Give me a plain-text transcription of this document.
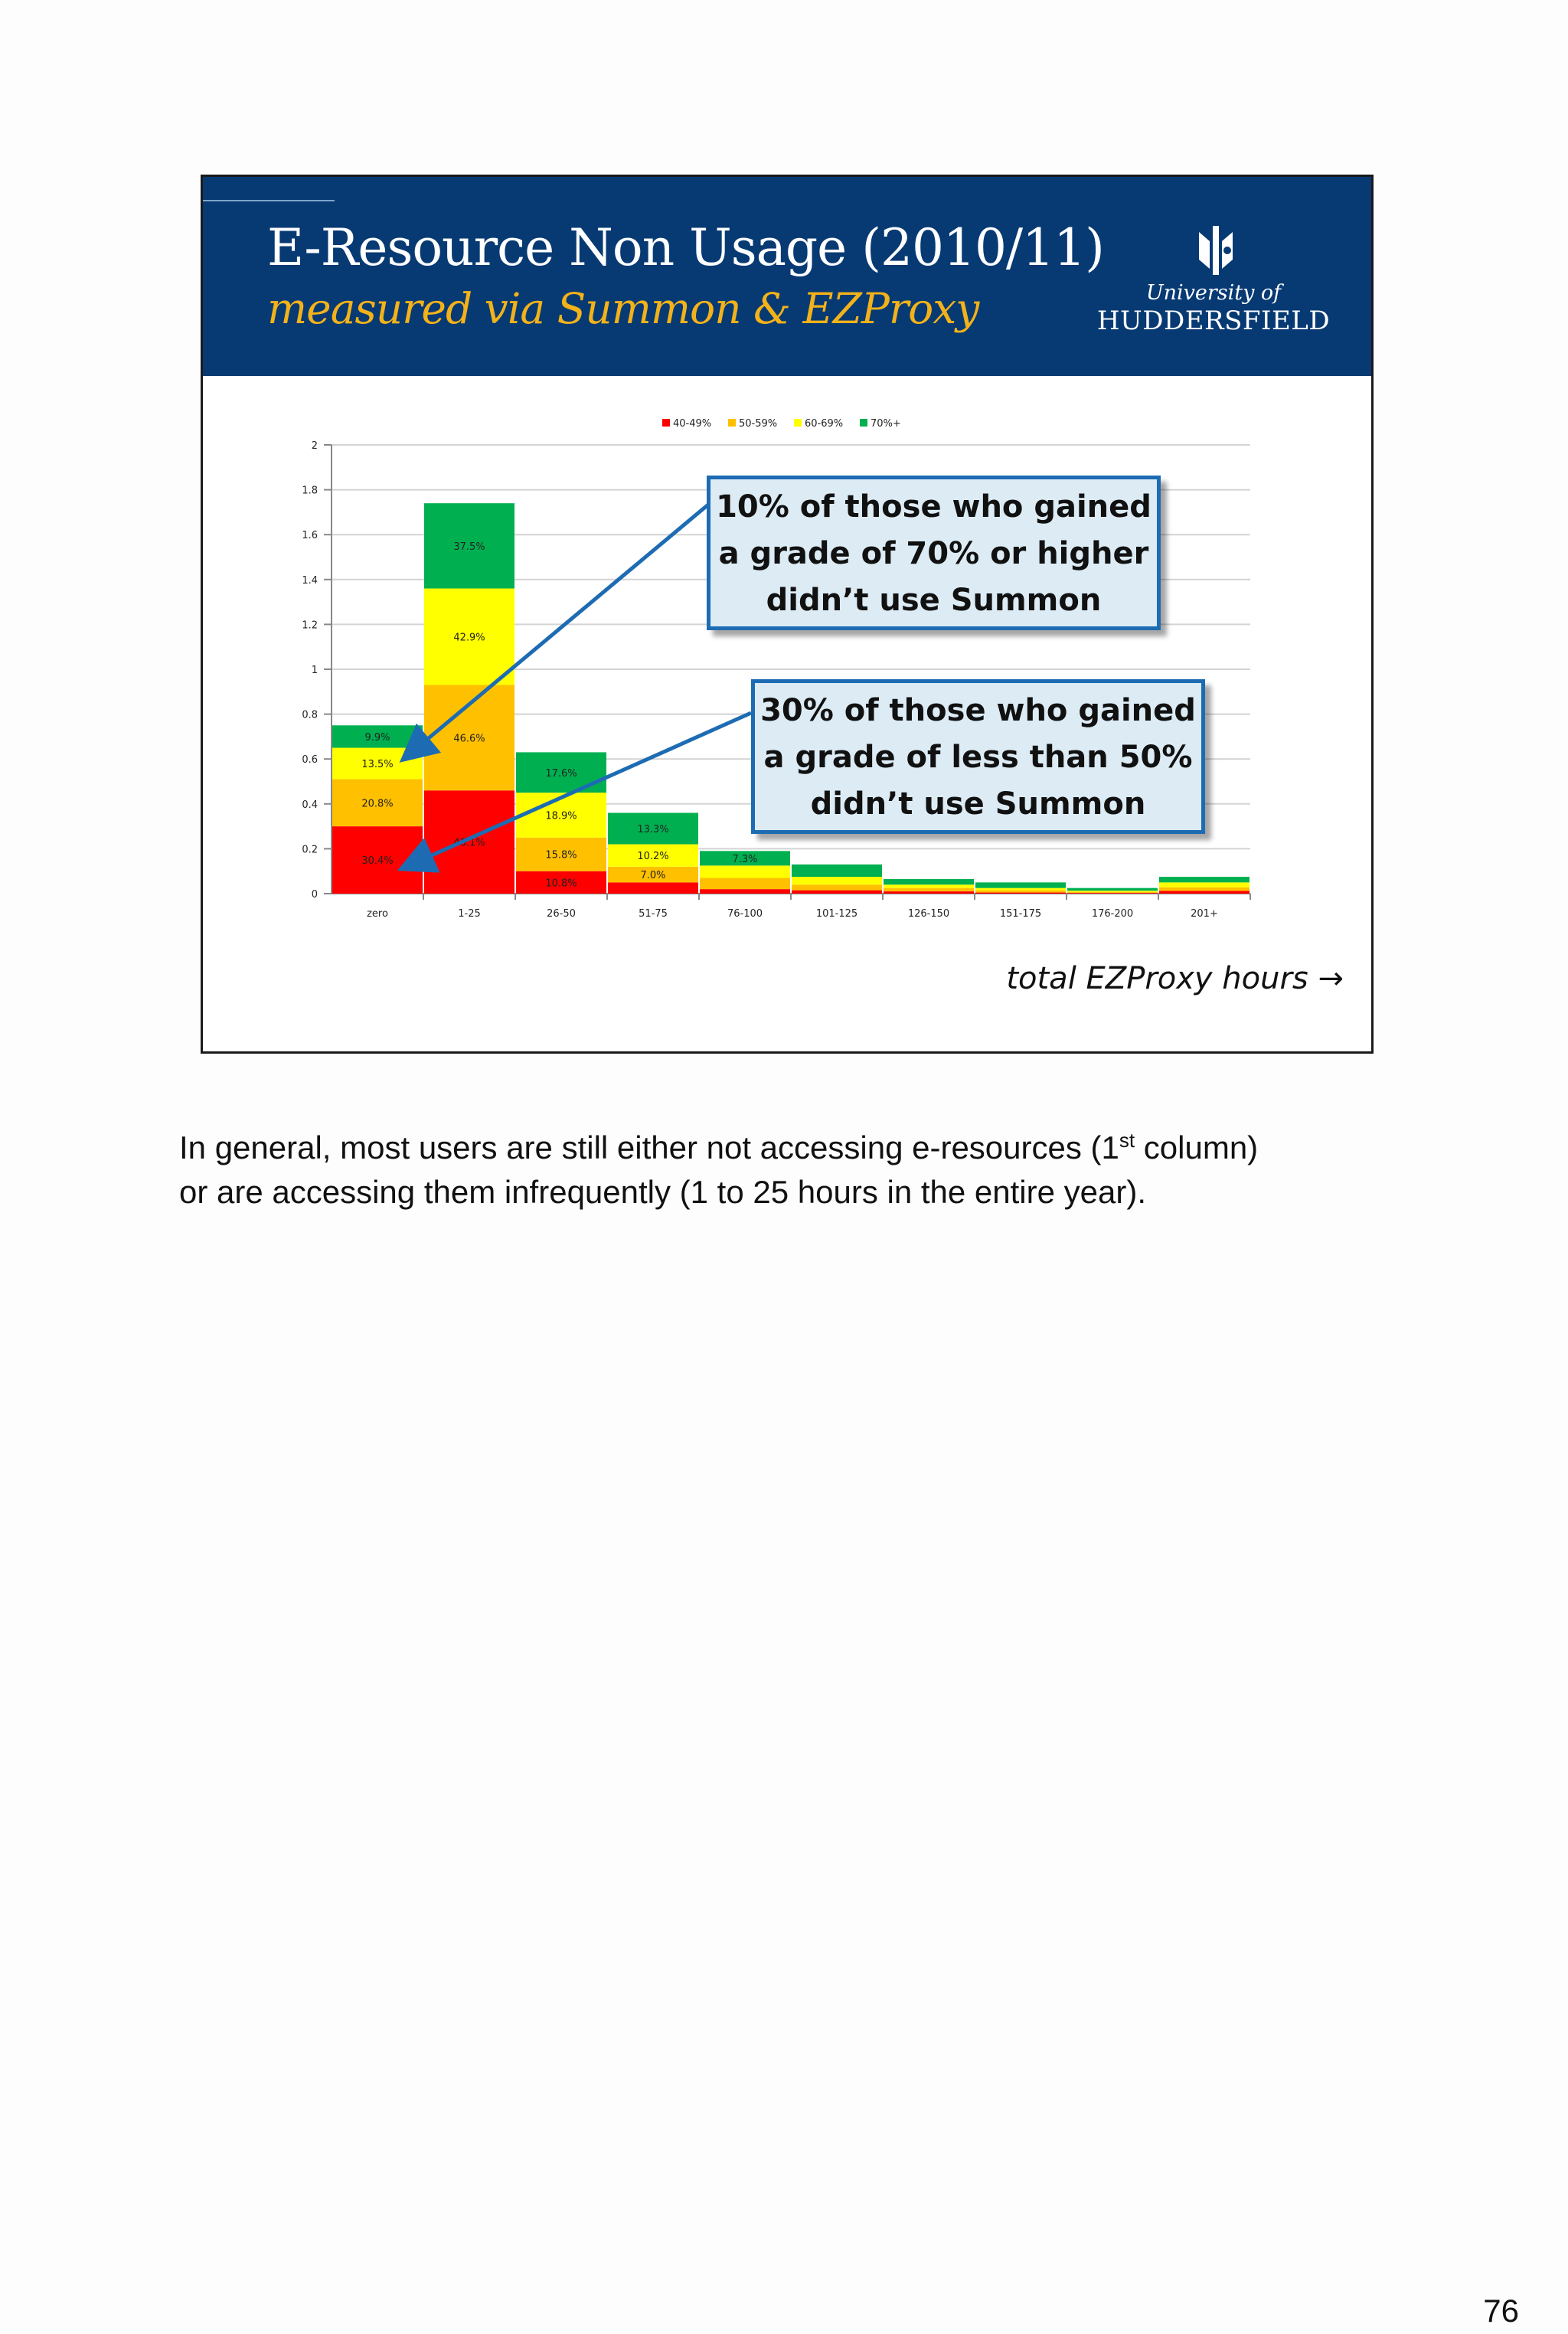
E-Resource Non Usage (2010/11)
measured via Summon & EZProxy	University of
HUDDERSFIELD
40-49%	50-59%	60-69%	70%+
0
0.2
0.4
0.6
0.8
1
1.2
1.4
1.6
1.8
2
zero	1-25	26-50	51-75	76-100	101-125	126-150	151-175	176-200	201+
30.4%
20.8%
13.5%
9.9%
46.1%
46.6%
42.9%
37.5%
10.8%
15.8%
18.9%
17.6%
7.0%
10.2%
13.3%
7.3%
10% of those who gained
a grade of 70% or higher
didn’t use Summon
30% of those who gained
a grade of less than 50%
didn’t use Summon
total EZProxy hours →

In general, most users are still either not accessing e-resources (1st column)

or are accessing them infrequently (1 to 25 hours in the entire year).

76
